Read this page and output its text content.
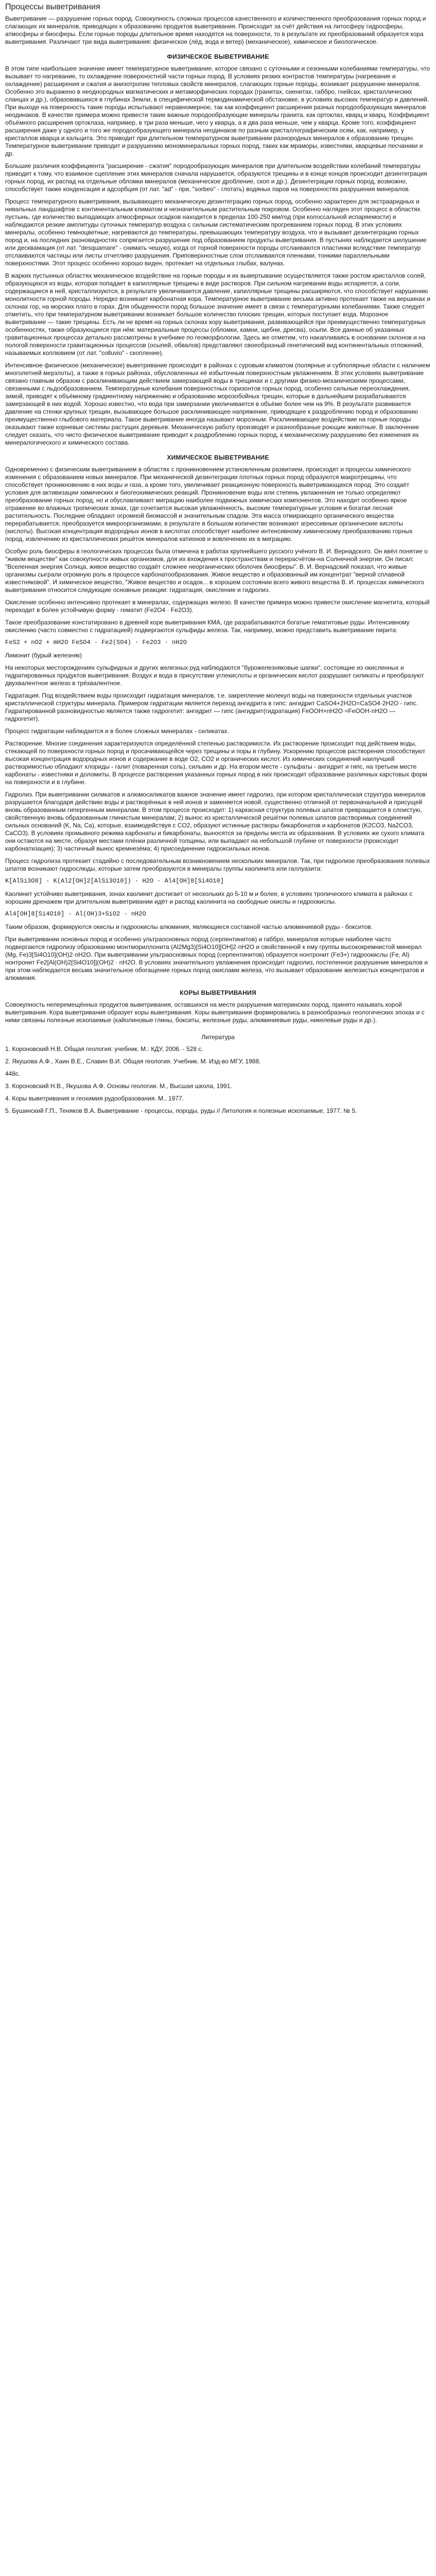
Процессы выветривания

Выветривание — разрушение горных пород. Совокупность сложных процессов качественного и количественного преобразования горных пород и слагающих их минералов, приводящих к образованию продуктов выветривания. Происходит за счёт действия на литосферу гидросферы, атмосферы и биосферы. Если горные породы длительное время находятся на поверхности, то в результате их преобразований образуется кора выветривания. Различают три вида выветривания: физическое (лёд, вода и ветер) (механическое), химическое и биологическое.

ФИЗИЧЕСКОЕ ВЫВЕТРИВАНИЕ

В этом типе наибольшее значение имеет температурное выветривание, которое связано с суточными и сезонными колебаниями температуры, что вызывает то нагревание, то охлаждение поверхностной части горных пород. В условиях резких контрастов температуры (нагревание и охлаждение) расширения и сжатия и анизотропии тепловых свойств минералов, слагающих горные породы, возникает разрушение минералов. Особенно это выражено в неоднородных магматических и метаморфических породах (гранитах, сиенитах, габбро, гнейсах, кристаллических сланцах и др.), образовавшихся в глубинах Земли, в специфической термодинамической обстановке, в условиях высоких температур и давлений. При выходе на поверхность такие породы испытывают неравномерное, так как коэффициент расширения разных породообразующих минералов неодинаков. В качестве примера можно привести такие важные породообразующие минералы гранита, как ортоклаз, кварц и кварц. Коэффициент объёмного расширения ортоклаза, например, в три раза меньше, чего у кварца, а в два раза меньше, чем у кварца. Кроме того, коэффициент расширения даже у одного и того же породообразующего минерала неодинаков по разным кристаллографическим осям, как, например, у кристаллов кварца и кальцита. Это приводит при длительном температурном выветривании разнородных минералов к образованию трещин. Температурное выветривание приводит и разрушению мономинеральных горных пород, таких как мраморы, известняки, кварцевые песчаники и др.

Большие различия коэффициента "расширение - сжатия" породообразующих минералов при длительном воздействии колебаний температуры приводит к тому, что взаимное сцепление этих минералов сначала нарушается, образуются трещины и в конце концов происходит дезинтеграция горных пород, их распад на отдельные обломки минералов (механическое дробление, скоп и др.). Дезинтеграции горных пород, возможно, способствует также конденсация и адсорбция (от лат. "ad" - при, "sorbeo" - глотать) водяных паров на поверхностях разрушения минералов.

Процесс температурного выветривания, вызывающего механическую дезинтеграцию горных пород, особенно характерен для экстрааридных и нивальных ландшафтов с континентальным климатом и незначительным растительным покровом. Особенно нагляден этот процесс в областях пустынь, где количество выпадающих атмосферных осадков находится в пределах 100-250 мм/год (при колоссальной испаряемости) и наблюдаются резкие амплитуды суточных температур воздуха с сильным систематическим прогреванием горных пород. В этих условиях минералы, особенно темноцветные, нагреваются до температуры, превышающих температуру воздуха, что и вызывает дезинтеграцию горных пород и, на последних разновидностях сопрягается разрушение под образованием продукты выветривания. В пустынях наблюдается шелушение или десквамация (от лат. "desquamare" - снимать чешую), когда от горной поверхности породы отслаиваются пластинки вследствие температур отслаиваются частицы или листы отчетливо разрушения. Приповерхностные слои отслаиваются пленками, тонкими параллельными поверхностями. Этот процесс особенно хорошо виден, протекает на отдельных глыбах, валунах.

В жарких пустынных областях механическое воздействие на горные породы и их вывертывание осуществляется также ростом кристаллов солей, образующихся из воды, которая попадает в капиллярные трещины в виде растворов. При сильном нагревании воды испаряется, а соли, содержащиеся в ней, кристаллизуются, в результате увеличивается давление, капиллярные трещины расширяются, что способствует нарушению монолитности горной породы. Нередко возникает карбонатная кора. Температурное выветривание весьма активно протекает также на вершинах и склонах гор, на морских плато в горах. Для обыденности пород большое значение имеет в связи с температурными колебаниями. Также следует отметить, что при температурном выветривании возникает большое количество плоских трещин, которых поступает вода. Морозное выветривание — такие трещины. Есть ли не время на горных склонах кору выветривания, развивающейся при преимущественно температурных особенностях, также образующиеся при нём: материальные процессы (обломки, камни, щебни, дресва), осыпи. Все данные об указанных гравитационных процессах детально рассмотрены в учебнике по геоморфологии. Здесь же отметим, что накапливаясь в основании склонов и на пологой поверхности гравитационных процессов (осыпей, обвалов) представляют своеобразный генетический вид континентальных отложений, называемых коллювием (от лат. "colluvio" - скопление).

Интенсивное физическое (механическое) выветривание происходит в районах с суровым климатом (полярные и субполярные области с наличием многолетней мерзлоты), а также в горных районах, обусловленных её избыточным поверхностным увлажнением. В этих условиях выветривание связано главным образом с расклинивающим действием замерзающей воды в трещинах и с другими физико-механическими процессами, связанными с льдообразованием. Температурные колебания поверхностных горизонтов горных пород, особенно сильные переохлаждения, зимой, приводят к объёмному градиентному напряжению и образованию морозобойных трещин, которые в дальнейшем разрабатываются замерзающей в них водой. Хорошо известно, что вода при замерзании увеличивается в объёме более чем на 9%. В результате развивается давление на стенки крупных трещин, вызывающее большое расклинивающее напряжение, приводящее к раздроблению пород и образованию преимущественно глыбового материала. Такое выветривание иногда называют морозным. Расклинивающее воздействие на горные породы оказывают также корневые системы растущих деревьев. Механическую работу производят и разнообразные роющие животные. В заключение следует сказать, что чисто физическое выветривание приводит к раздроблению горных пород, к механическому разрушению без изменения их минералогического и химического состава.

ХИМИЧЕСКОЕ ВЫВЕТРИВАНИЕ

Одновременно с физическим выветриванием в областях с проникновением установленным развитием, происходят и процессы химического изменения с образованием новых минералов. При механической дезинтеграции плотных горных пород образуются макротрещины, что способствует проникновению в них воды и газа, а кроме того, увеличивает реакционную поверхность выветривающихся пород. Это создаёт условия для активизации химических и биогеохимических реакций. Проникновение воды или степень увлажнения не только определяют преобразование горных пород, но и обуславливают миграцию наиболее подвижных химических компонентов. Это находит особенно яркое отражение во влажных тропических зонах, где сочетается высокая увлажнённость, высокие температурные условия и богатая лесная растительность. Последние обладают огромной биомассой и значительным спадом. Эта масса отмирающего органического вещества перерабатывается, преобразуется микроорганизмами, в результате в большом количестве возникают агрессивные органические кислоты (кислоты). Высокая концентрация водородных ионов в кислотах способствует наиболее интенсивному химическому преобразованию горных пород, извлечению из кристаллических решёток минералов катионов и вовлечению их в миграцию.

Особую роль биосферы в геологических процессах была отмечена в работах крупнейшего русского учёного В. И. Вернадского. Он ввёл понятие о "живом веществе" как совокупности живых организмов, для их вхождения к пространствам и перерасчётом-на Солнечной энергии. Он писал: "Вселенная энергия Солнца, живое вещество создаёт сложнее неорганических оболочек биосферы". В. И. Вернадский показал, что живые организмы сыграли огромную роль в процессе карбонатообразования. Живое вещество и образованный им концентрат "верной сплавной известняковой". И химическое вещество, "Живое вещество и осадок... в хорошем состоянии всего живого вещества В. И. процессах химического выветривания относится следующие основные реакции: гидратация, окисление и гидролиз.

Окисление особенно интенсивно протекает в минералах, содержащих железо. В качестве примера можно привести окисление магнетита, который переходит в более устойчивую форму - гематит (Fe2O4 · Fe2O3).

Такое преобразование констатировано в древней коре выветривания КМА, где разрабатываются богатые гематитовые руды. Интенсивному окислению (часто совместно с гидратацией) подвергаются сульфиды железа. Так, например, можно представить выветривание пирита:

FeS2 + nO2 + mH2O FeSO4 · Fe2(SO4) · Fe2O3 · nH2O

Лимонит (бурый железняк)

На некоторых месторождениях сульфидных и других железных руд наблюдаются "бурожелезняковые шапки", состоящие из окисленных и гидратированных продуктов выветривания. Воздух и вода в присутствии углекислоты и органических кислот разрушают силикаты и преобразуют двухвалентное железо в трёхвалентное.

Гидратация. Под воздействием воды происходит гидратация минералов, т.е. закрепление молекул воды на поверхности отдельных участков кристаллической структуры минерала. Примером гидратации является переход ангидрита в гипс: ангидрит CaSO4+2H2O=CaSO4·2H2O - гипс. Гидратированной разновидностью является также гидрогетит: ангидрит — гипс (ангидрит(гидратация) FeOOH+nH2O =FeOOH·nH2O — гидрогетит).

Процесс гидратации наблюдается и в более сложных минералах - силикатах.

Растворение. Многие соединения характеризуются определённой степенью растворимости. Их растворение происходит под действием воды, стекающей по поверхности горных пород и просачивающейся через трещины и поры в глубину. Ускорению процессов растворения способствуют высокая концентрация водородных ионов и содержание в воде O2, CO2 и органических кислот. Из химических соединений наилучшей растворимостью обладают хлориды - галит (поваренная соль), сильвин и др. На втором месте - сульфаты - ангидрит и гипс, на третьем месте карбонаты - известняки и доломиты. В процессе растворения указанных горных пород в них происходит образование различных карстовых форм на поверхности и в глубине.

Гидролиз. При выветривании силикатов и алюмосиликатов важное значение имеет гидролиз, при котором кристаллическая структура минералов разрушается благодаря действию воды и растворённых в ней ионов и заменяется новой, существенно отличной от первоначальной и присущей вновь образованным гипергенным минералам. В этом процессе происходит: 1) каркасная структура полевых шпатов превращается в слоистую, свойственную вновь образованным глинистым минералам; 2) вынос из кристаллической решётки полевых шпатов растворимых соединений сильных оснований (K, Na, Ca), которые, взаимодействуя с CO2, образуют истинные растворы бикарбонатов и карбонатов (K2CO3, Na2CO3, CaCO3). В условиях промывного режима карбонаты и бикарбонаты, выносятся за пределы места их образования. В условиях же сухого климата они остаются на месте, образуя местами плёнки различной толщины, или выпадают на небольшой глубине от поверхности (происходит карбонатизация); 3) частичный вынос кремнезёма; 4) присоединение гидроксильных ионов.

Процесс гидролиза протекает стадийно с последовательным возникновением нескольких минералов. Так, при гидролизе преобразования полевых шпатов возникают гидрослюды, которые затем преобразуются в минералы группы каолинита или галлуазита:

K[AlSi3O8] · K(Al2[OH]2[AlSi3O10]) · H2O · Al4[OH]8[Si4O10]

Каолинит устойчиво выветривания, зонах каолинит достигает от нескольких до 5-10 м и более, в условиях тропического климата в районах с хорошим дренажем при длительном выветривании идёт и распад каолинита на свободные окислы и гидроокислы.

Al4[OH]8[Si4O10] · Al(OH)3+SiO2 · nH2O

Таким образом, формируются окислы и гидроокислы алюминия, являющиеся составной частью алюминиевой руды - бокситов.

При выветривании основных пород и особенно ультраосновных пород (серпентинитов) и габбро, минералов которые наиболее часто подвергаются гидролизу образованию монтмориллонита (Al2Mg3)[Si4O10][OH]2·nH2O и свойственной к ему группы высококремнистой минерал (Mg, Fe)3[Si4O10](OH)2·nH2O. При выветривании ультраосновных пород (серпентинитов) образуется нонтронит (Fe3+) гидроокислы (Fe, Al) нонтронит Fe2[Al(OH)2[Si4O10]](OH)2 · nH2O. В условиях значительного увлажнения происходит гидролиз, постепенное разрушение минералов и при этом наблюдается весьма значительное обогащение горных пород окислами железа, что вызывает образование железистых концентратов и алюминия.

КОРЫ ВЫВЕТРИВАНИЯ

Совокупность неперемещённых продуктов выветривания, оставшихся на месте разрушения материнских пород, принято называть корой выветривания. Кора выветривания образует коры выветривания. Коры выветривания формировались в разнообразных геологических эпохах и с ними связаны полезные ископаемые (кайолиновые глины, бокситы, железные руды, алюминиевые руды, никелевые руды и др.).

Литература
1. Короновский Н.В. Общая геология: учебник. М.: КДУ, 2006. - 528 с.
2. Якушова А.Ф., Хаин В.Е., Славин В.И. Общая геология. Учебник. М. Изд-во МГУ, 1988.
448с.
3. Короновский Н.В., Якушова А.Ф. Основы геологии. М., Высшая школа, 1991.
4. Коры выветривания и геохимия рудообразования. М., 1977.
5. Бушинский Г.П., Теняков В.А. Выветривание - процессы, породы, руды // Литология и полезные ископаемые, 1977. № 5.
